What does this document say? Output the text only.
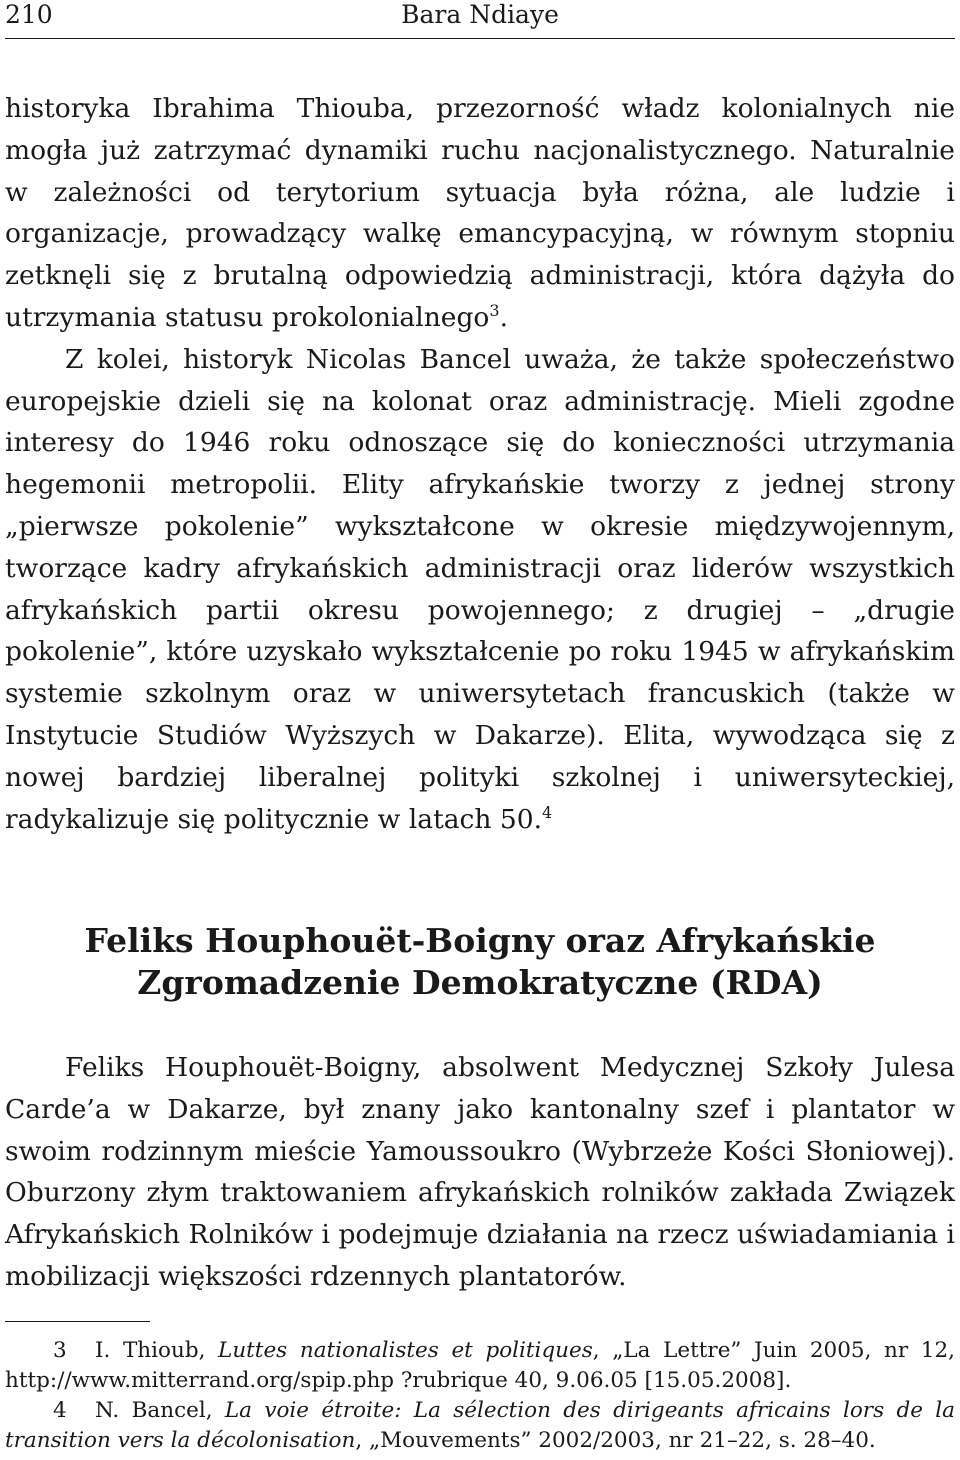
210	Bara Ndiaye

historyka Ibrahima Thiouba, przezorność władz kolonialnych nie mogła już zatrzymać dynamiki ruchu nacjonalistycznego. Naturalnie w zależności od terytorium sytuacja była różna, ale ludzie i organizacje, prowadzący walkę emancypacyjną, w równym stopniu zetknęli się z brutalną odpowiedzią administracji, która dążyła do utrzymania statusu prokolonialnego$^3$.

Z kolei, historyk Nicolas Bancel uważa, że także społeczeństwo europejskie dzieli się na kolonat oraz administrację. Mieli zgodne interesy do 1946 roku odnoszące się do konieczności utrzymania hegemonii metropolii. Elity afrykańskie tworzy z jednej strony „pierwsze pokolenie” wykształcone w okresie międzywojennym, tworzące kadry afrykańskich administracji oraz liderów wszystkich afrykańskich partii okresu powojennego; z drugiej – „drugie pokolenie”, które uzyskało wykształcenie po roku 1945 w afrykańskim systemie szkolnym oraz w uniwersytetach francuskich (także w Instytucie Studiów Wyższych w Dakarze). Elita, wywodząca się z nowej bardziej liberalnej polityki szkolnej i uniwersyteckiej, radykalizuje się politycznie w latach 50.$^4$

Feliks Houphouët-Boigny oraz Afrykańskie
Zgromadzenie Demokratyczne (RDA)

Feliks Houphouët-Boigny, absolwent Medycznej Szkoły Julesa Carde’a w Dakarze, był znany jako kantonalny szef i plantator w swoim rodzinnym mieście Yamoussoukro (Wybrzeże Kości Słoniowej). Oburzony złym traktowaniem afrykańskich rolników zakłada Związek Afrykańskich Rolników i podejmuje działania na rzecz uświadamiania i mobilizacji większości rdzennych plantatorów.

3 I. Thioub, Luttes nationalistes et politiques, „La Lettre” Juin 2005, nr 12, http://www.mitterrand.org/spip.php ?rubrique 40, 9.06.05 [15.05.2008].

4 N. Bancel, La voie étroite: La sélection des dirigeants africains lors de la transition vers la décolonisation, „Mouvements” 2002/2003, nr 21–22, s. 28–40.
